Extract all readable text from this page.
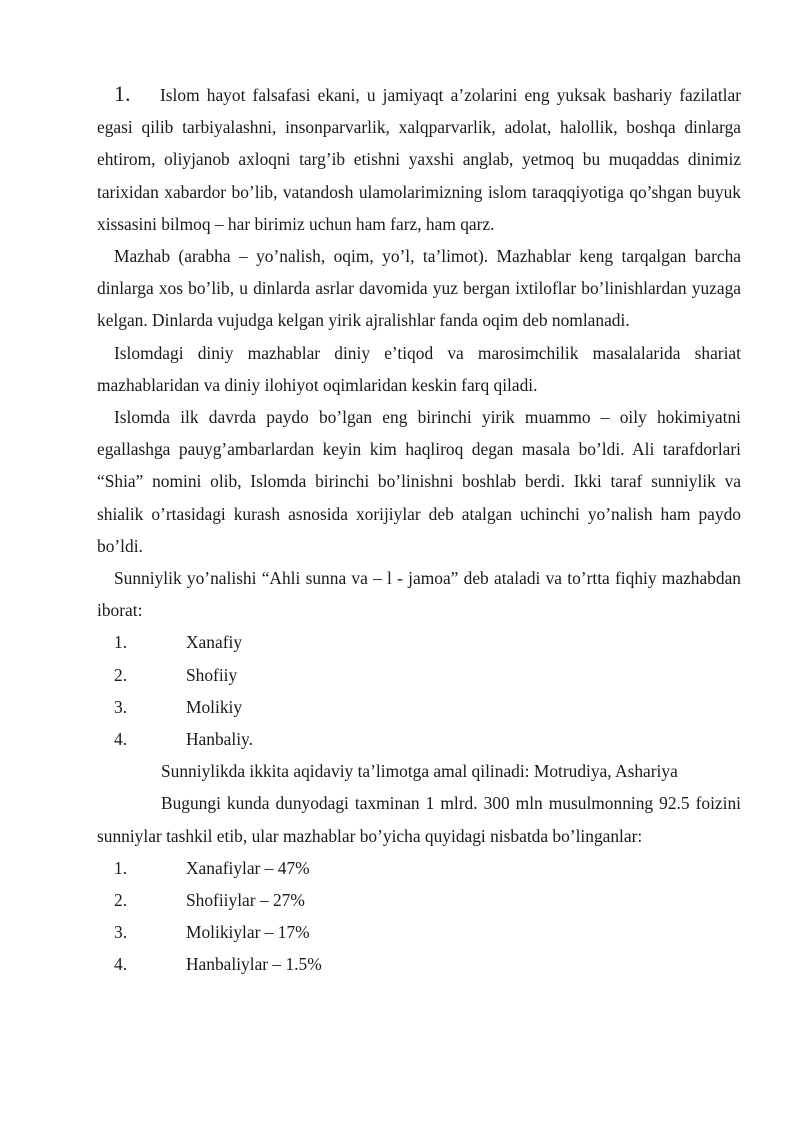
1. Islom hayot falsafasi ekani, u jamiyaqt a’zolarini eng yuksak bashariy fazilatlar egasi qilib tarbiyalashni, insonparvarlik, xalqparvarlik, adolat, halollik, boshqa dinlarga ehtirom, oliyjanob axloqni targ’ib etishni yaxshi anglab, yetmoq bu muqaddas dinimiz tarixidan xabardor bo’lib, vatandosh ulamolarimizning islom taraqqiyotiga qo’shgan buyuk xissasini bilmoq – har birimiz uchun ham farz, ham qarz.

Mazhab (arabha – yo’nalish, oqim, yo’l, ta’limot). Mazhablar keng tarqalgan barcha dinlarga xos bo’lib, u dinlarda asrlar davomida yuz bergan ixtiloflar bo’linishlardan yuzaga kelgan. Dinlarda vujudga kelgan yirik ajralishlar fanda oqim deb nomlanadi.

Islomdagi diniy mazhablar diniy e’tiqod va marosimchilik masalalarida shariat mazhablaridan va diniy ilohiyot oqimlaridan keskin farq qiladi.

Islomda ilk davrda paydo bo’lgan eng birinchi yirik muammo – oily hokimiyatni egallashga pauyg’ambarlardan keyin kim haqliroq degan masala bo’ldi. Ali tarafdorlari “Shia” nomini olib, Islomda birinchi bo’linishni boshlab berdi. Ikki taraf sunniylik va shialik o’rtasidagi kurash asnosida xorijiylar deb atalgan uchinchi yo’nalish ham paydo bo’ldi.

Sunniylik yo’nalishi “Ahli sunna va – l - jamoa” deb ataladi va to’rtta fiqhiy mazhabdan iborat:

1.	Xanafiy
2.	Shofiiy
3.	Molikiy
4.	Hanbaliy.

Sunniylikda ikkita aqidaviy ta’limotga amal qilinadi: Motrudiya, Ashariya

Bugungi kunda dunyodagi taxminan 1 mlrd. 300 mln musulmonning 92.5 foizini sunniylar tashkil etib, ular mazhablar bo’yicha quyidagi nisbatda bo’linganlar:

1.	Xanafiylar – 47%
2.	Shofiiylar – 27%
3.	Molikiylar – 17%
4.	Hanbaliylar – 1.5%
